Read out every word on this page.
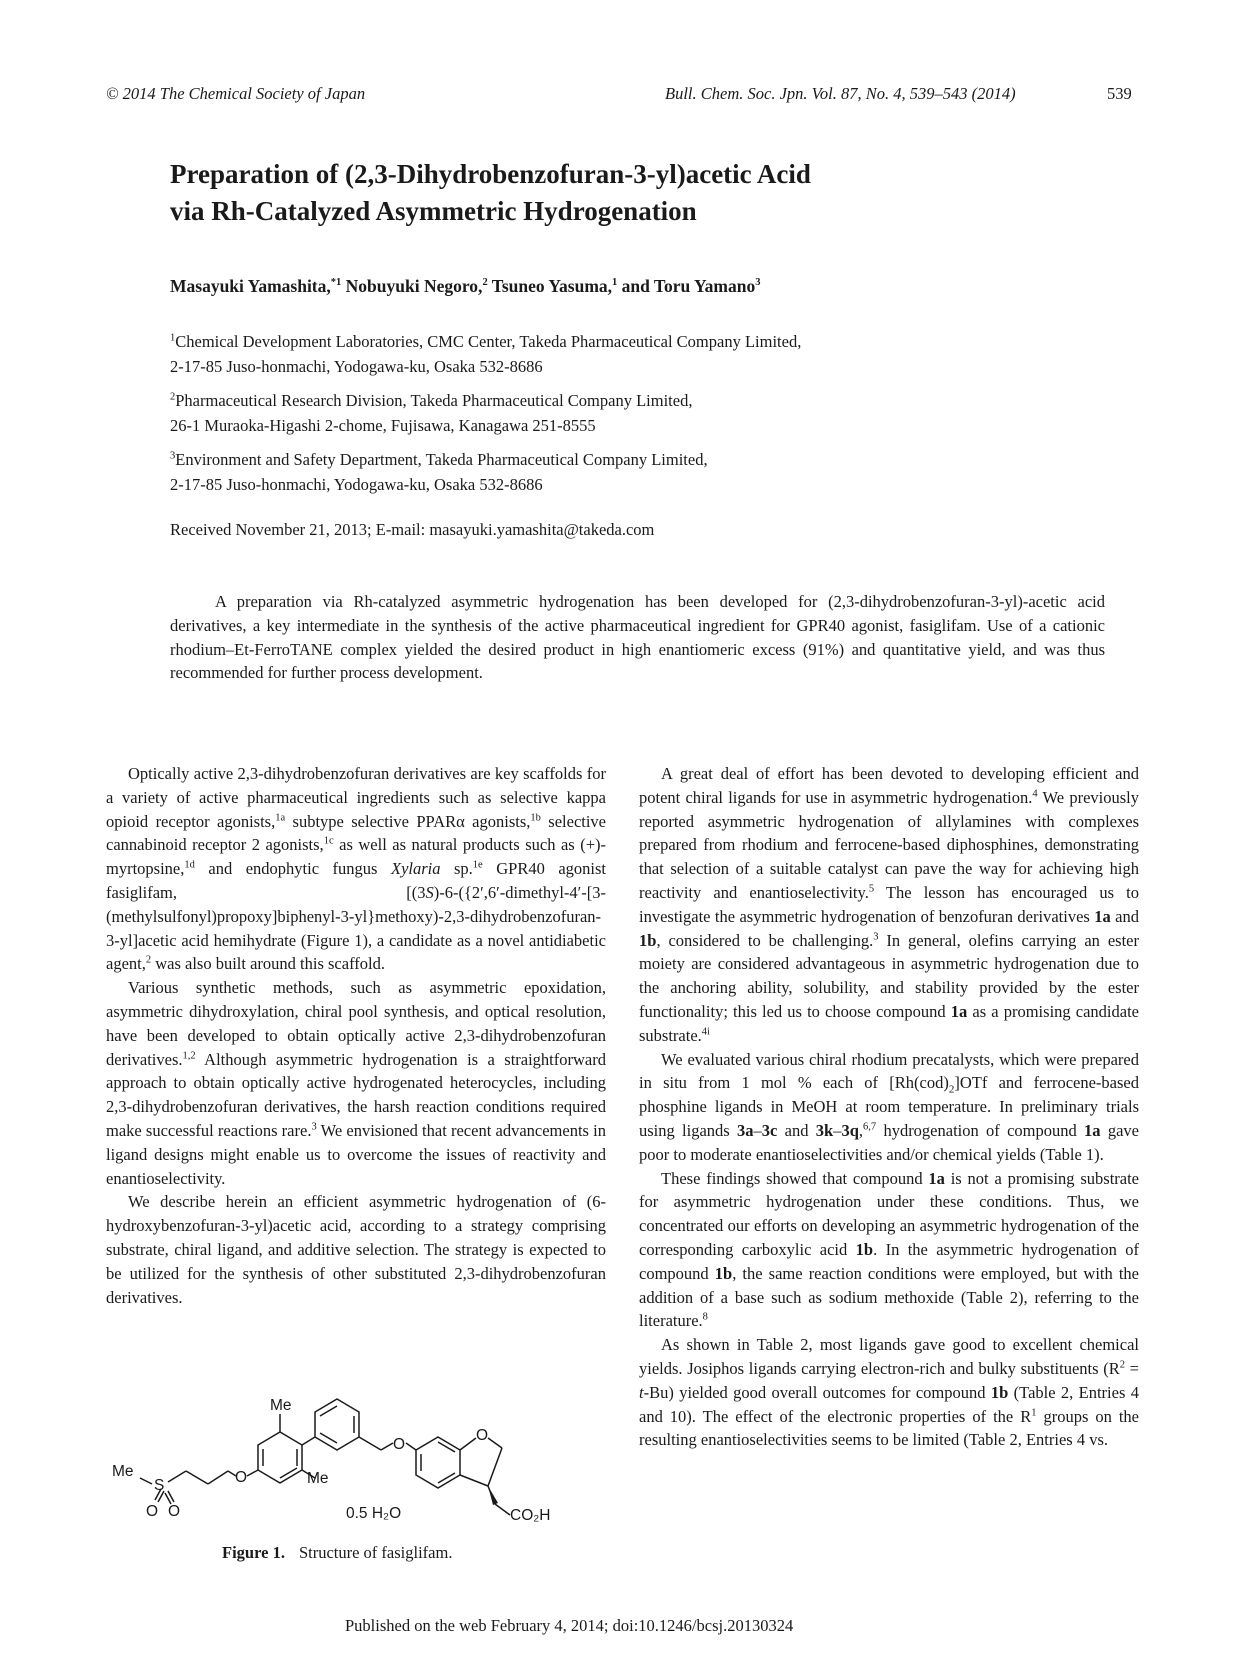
© 2014 The Chemical Society of Japan	Bull. Chem. Soc. Jpn. Vol. 87, No. 4, 539–543 (2014)	539
Preparation of (2,3-Dihydrobenzofuran-3-yl)acetic Acid
via Rh-Catalyzed Asymmetric Hydrogenation
Masayuki Yamashita,$^{*1}$ Nobuyuki Negoro,$^2$ Tsuneo Yasuma,$^1$ and Toru Yamano$^3$
$^1$Chemical Development Laboratories, CMC Center, Takeda Pharmaceutical Company Limited,
2-17-85 Juso-honmachi, Yodogawa-ku, Osaka 532-8686
$^2$Pharmaceutical Research Division, Takeda Pharmaceutical Company Limited,
26-1 Muraoka-Higashi 2-chome, Fujisawa, Kanagawa 251-8555
$^3$Environment and Safety Department, Takeda Pharmaceutical Company Limited,
2-17-85 Juso-honmachi, Yodogawa-ku, Osaka 532-8686
Received November 21, 2013; E-mail: masayuki.yamashita@takeda.com
A preparation via Rh-catalyzed asymmetric hydrogenation has been developed for (2,3-dihydrobenzofuran-3-yl)-acetic acid derivatives, a key intermediate in the synthesis of the active pharmaceutical ingredient for GPR40 agonist, fasiglifam. Use of a cationic rhodium–Et-FerroTANE complex yielded the desired product in high enantiomeric excess (91%) and quantitative yield, and was thus recommended for further process development.

Optically active 2,3-dihydrobenzofuran derivatives are key scaffolds for a variety of active pharmaceutical ingredients such as selective kappa opioid receptor agonists,$^{1a}$ subtype selective PPARα agonists,$^{1b}$ selective cannabinoid receptor 2 agonists,$^{1c}$ as well as natural products such as (+)-myrtopsine,$^{1d}$ and endophytic fungus Xylaria sp.$^{1e}$ GPR40 agonist fasiglifam, [(3S)-6-({2′,6′-dimethyl-4′-[3-(methylsulfonyl)propoxy]biphenyl-3-yl}methoxy)-2,3-dihydrobenzofuran-3-yl]acetic acid hemihydrate (Figure 1), a candidate as a novel antidiabetic agent,$^2$ was also built around this scaffold.

Various synthetic methods, such as asymmetric epoxidation, asymmetric dihydroxylation, chiral pool synthesis, and optical resolution, have been developed to obtain optically active 2,3-dihydrobenzofuran derivatives.$^{1,2}$ Although asymmetric hydrogenation is a straightforward approach to obtain optically active hydrogenated heterocycles, including 2,3-dihydrobenzofuran derivatives, the harsh reaction conditions required make successful reactions rare.$^3$ We envisioned that recent advancements in ligand designs might enable us to overcome the issues of reactivity and enantioselectivity.

We describe herein an efficient asymmetric hydrogenation of (6-hydroxybenzofuran-3-yl)acetic acid, according to a strategy comprising substrate, chiral ligand, and additive selection. The strategy is expected to be utilized for the synthesis of other substituted 2,3-dihydrobenzofuran derivatives.

A great deal of effort has been devoted to developing efficient and potent chiral ligands for use in asymmetric hydrogenation.$^4$ We previously reported asymmetric hydrogenation of allylamines with complexes prepared from rhodium and ferrocene-based diphosphines, demonstrating that selection of a suitable catalyst can pave the way for achieving high reactivity and enantioselectivity.$^5$ The lesson has encouraged us to investigate the asymmetric hydrogenation of benzofuran derivatives 1a and 1b, considered to be challenging.$^3$ In general, olefins carrying an ester moiety are considered advantageous in asymmetric hydrogenation due to the anchoring ability, solubility, and stability provided by the ester functionality; this led us to choose compound 1a as a promising candidate substrate.$^{4i}$

We evaluated various chiral rhodium precatalysts, which were prepared in situ from 1 mol % each of $[Rh(cod)_2]OTf$ and ferrocene-based phosphine ligands in MeOH at room temperature. In preliminary trials using ligands 3a–3c and 3k–3q,$^{6,7}$ hydrogenation of compound 1a gave poor to moderate enantioselectivities and/or chemical yields (Table 1).

These findings showed that compound 1a is not a promising substrate for asymmetric hydrogenation under these conditions. Thus, we concentrated our efforts on developing an asymmetric hydrogenation of the corresponding carboxylic acid 1b. In the asymmetric hydrogenation of compound 1b, the same reaction conditions were employed, but with the addition of a base such as sodium methoxide (Table 2), referring to the literature.$^8$

As shown in Table 2, most ligands gave good to excellent chemical yields. Josiphos ligands carrying electron-rich and bulky substituents $(R^2 = t-Bu)$ yielded good overall outcomes for compound 1b (Table 2, Entries 4 and 10). The effect of the electronic properties of the $R^1$ groups on the resulting enantioselectivities seems to be limited (Table 2, Entries 4 vs.

Me
S
O O
O
Me
Me
O
O
0.5 H₂O	CO₂H
Figure 1. Structure of fasiglifam.
Published on the web February 4, 2014; doi:10.1246/bcsj.20130324
